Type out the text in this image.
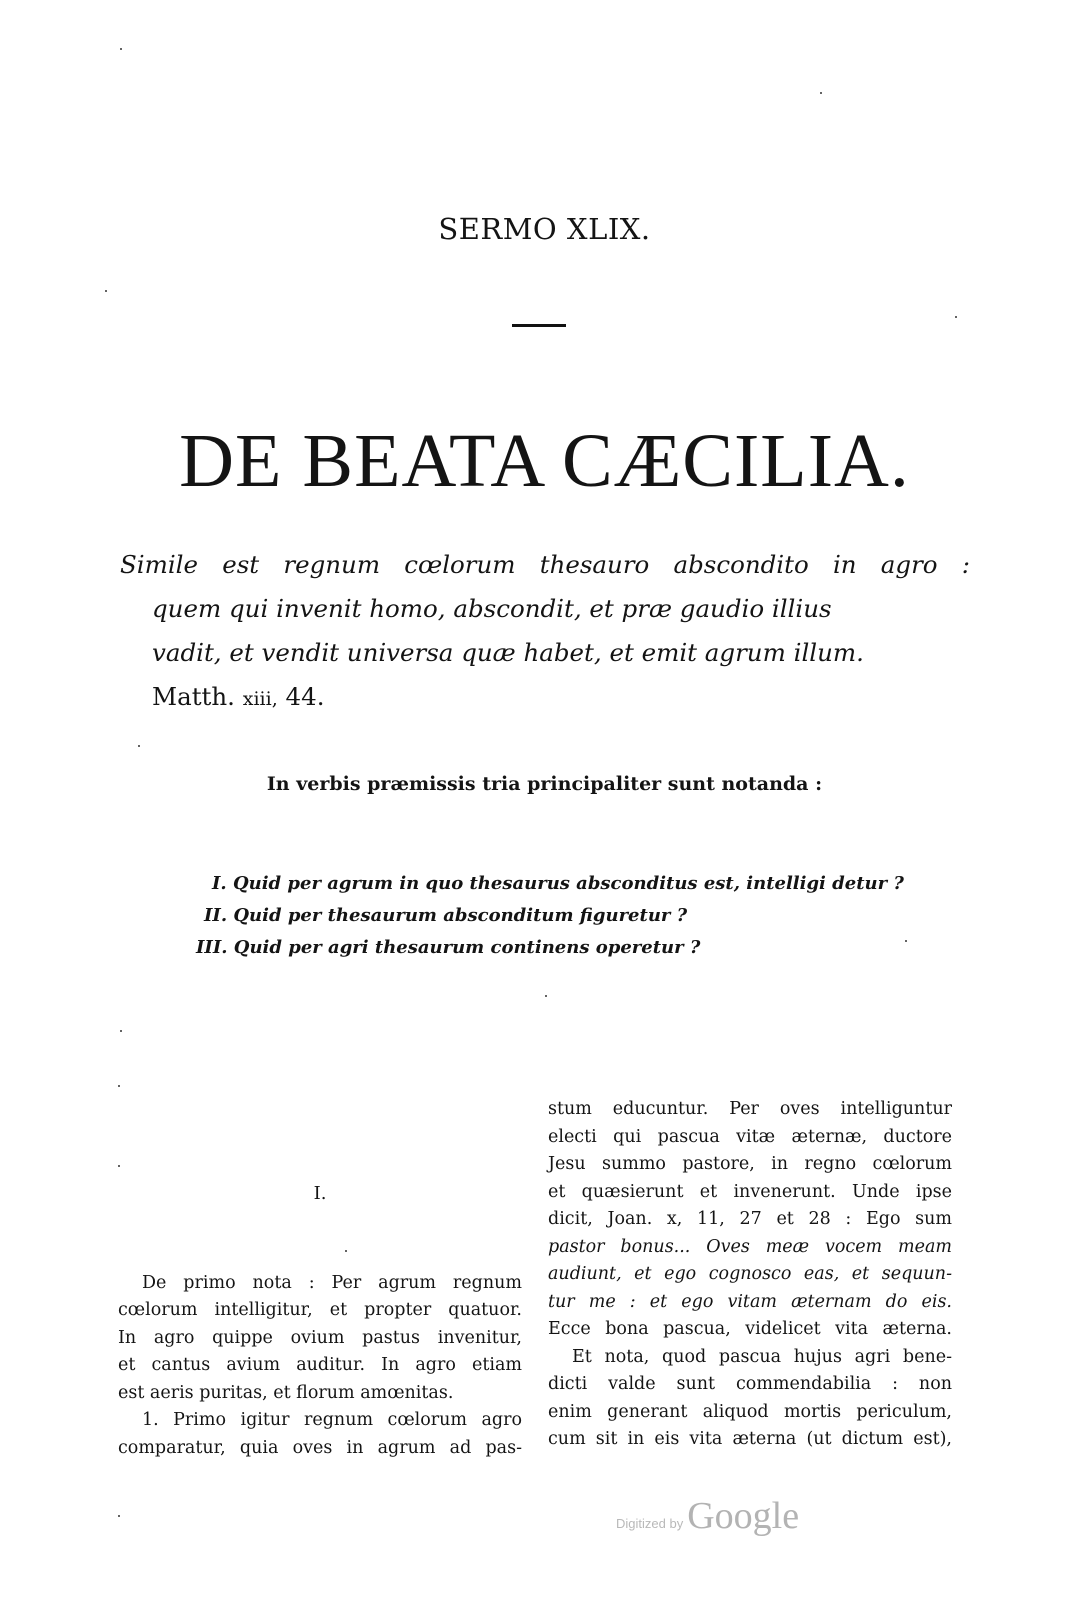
SERMO XLIX.
DE BEATA CÆCILIA.
Simile est regnum cœlorum thesauro abscondito in agro :
quem qui invenit homo, abscondit, et præ gaudio illius
vadit, et vendit universa quæ habet, et emit agrum illum.
Matth. xiii, 44.
In verbis præmissis tria principaliter sunt notanda :
I. Quid per agrum in quo thesaurus absconditus est, intelligi detur ?
II. Quid per thesaurum absconditum figuretur ?
III. Quid per agri thesaurum continens operetur ?
I.
De primo nota : Per agrum regnum
cœlorum intelligitur, et propter quatuor.
In agro quippe ovium pastus invenitur,
et cantus avium auditur. In agro etiam
est aeris puritas, et florum amœnitas.
1. Primo igitur regnum cœlorum agro
comparatur, quia oves in agrum ad pas-
stum educuntur. Per oves intelliguntur
electi qui pascua vitæ æternæ, ductore
Jesu summo pastore, in regno cœlorum
et quæsierunt et invenerunt. Unde ipse
dicit, Joan. x, 11, 27 et 28 : Ego sum
pastor bonus... Oves meæ vocem meam
audiunt, et ego cognosco eas, et sequun-
tur me : et ego vitam æternam do eis.
Ecce bona pascua, videlicet vita æterna.
Et nota, quod pascua hujus agri bene-
dicti valde sunt commendabilia : non
enim generant aliquod mortis periculum,
cum sit in eis vita æterna (ut dictum est),
Digitized by Google
